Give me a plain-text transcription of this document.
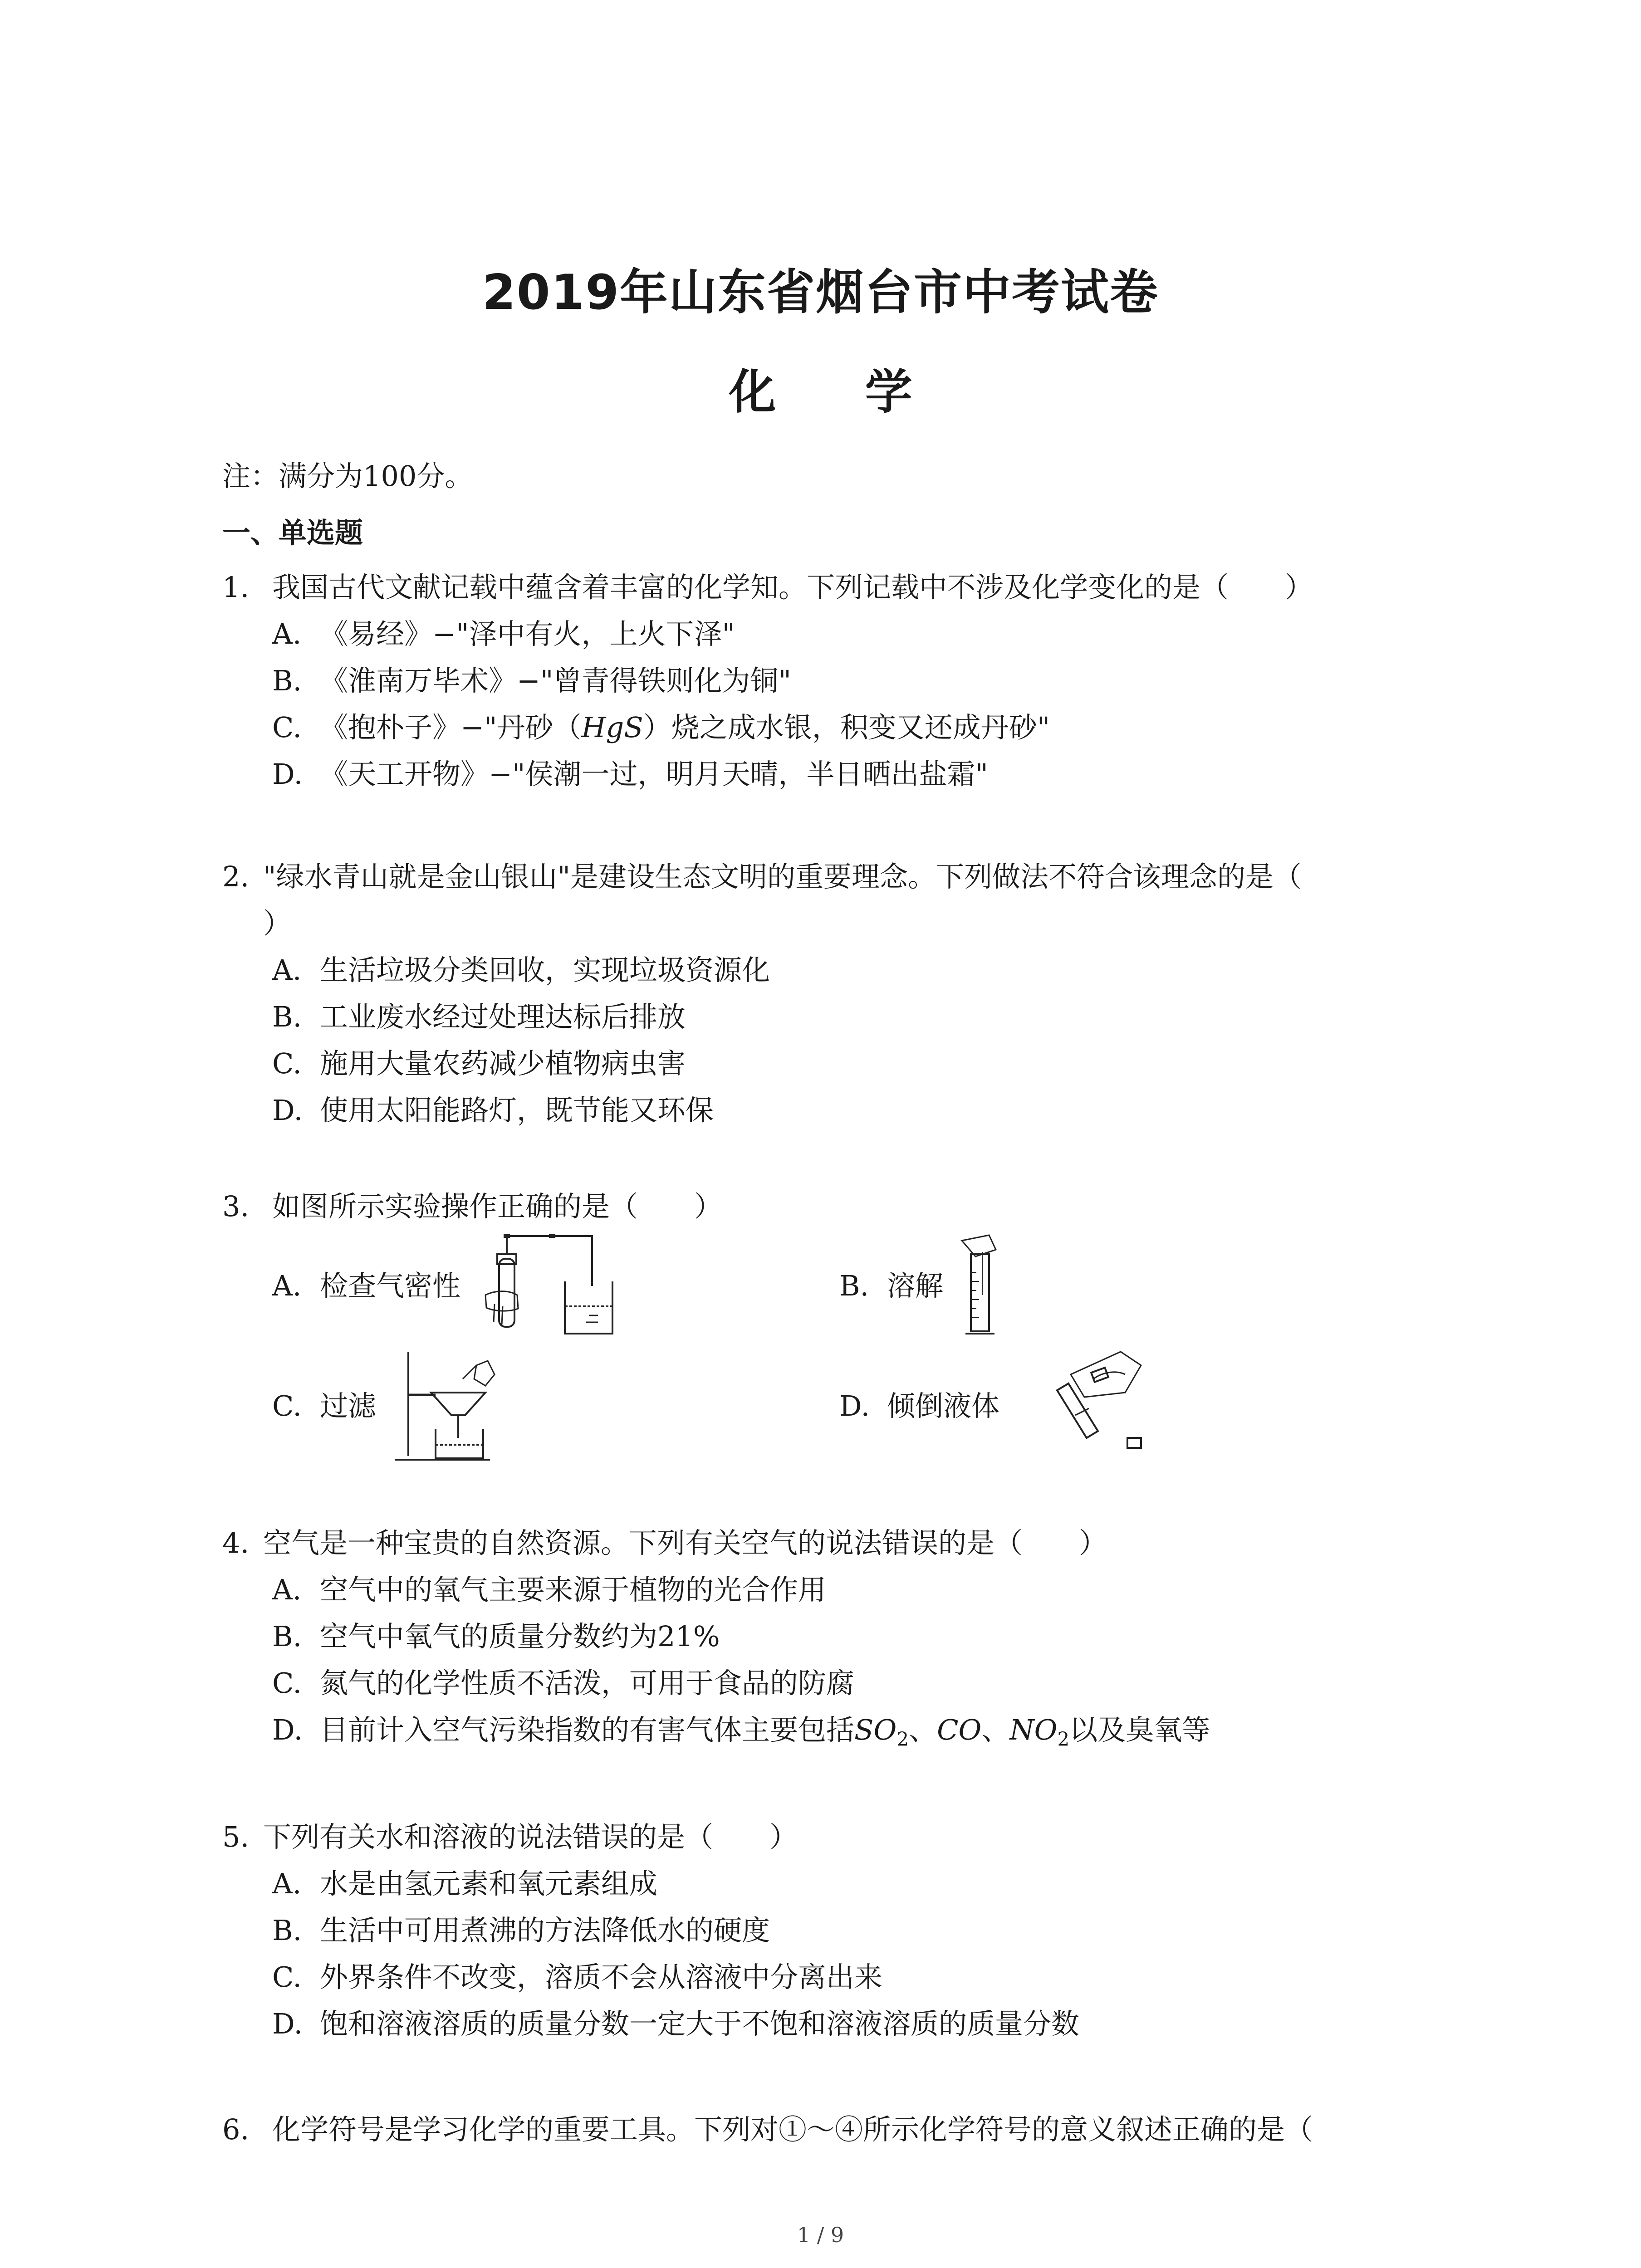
2019年山东省烟台市中考试卷
化 学
注：满分为100分。
一、单选题
1. 我国古代文献记载中蕴含着丰富的化学知。下列记载中不涉及化学变化的是（　　）
A. 《易经》−"泽中有火，上火下泽"
B. 《淮南万毕术》−"曾青得铁则化为铜"
C. 《抱朴子》−"丹砂（HgS）烧之成水银，积变又还成丹砂"
D. 《天工开物》−"侯潮一过，明月天晴，半日晒出盐霜"
2. "绿水青山就是金山银山"是建设生态文明的重要理念。下列做法不符合该理念的是（
）
A. 生活垃圾分类回收，实现垃圾资源化
B. 工业废水经过处理达标后排放
C. 施用大量农药减少植物病虫害
D. 使用太阳能路灯，既节能又环保
3. 如图所示实验操作正确的是（　　）
A. 检查气密性	B. 溶解
C. 过滤	D. 倾倒液体
4. 空气是一种宝贵的自然资源。下列有关空气的说法错误的是（　　）
A. 空气中的氧气主要来源于植物的光合作用
B. 空气中氧气的质量分数约为21%
C. 氮气的化学性质不活泼，可用于食品的防腐
D. 目前计入空气污染指数的有害气体主要包括$SO_2$、CO、$NO_2$以及臭氧等
5. 下列有关水和溶液的说法错误的是（　　）
A. 水是由氢元素和氧元素组成
B. 生活中可用煮沸的方法降低水的硬度
C. 外界条件不改变，溶质不会从溶液中分离出来
D. 饱和溶液溶质的质量分数一定大于不饱和溶液溶质的质量分数
6. 化学符号是学习化学的重要工具。下列对①～④所示化学符号的意义叙述正确的是（
1 / 9
